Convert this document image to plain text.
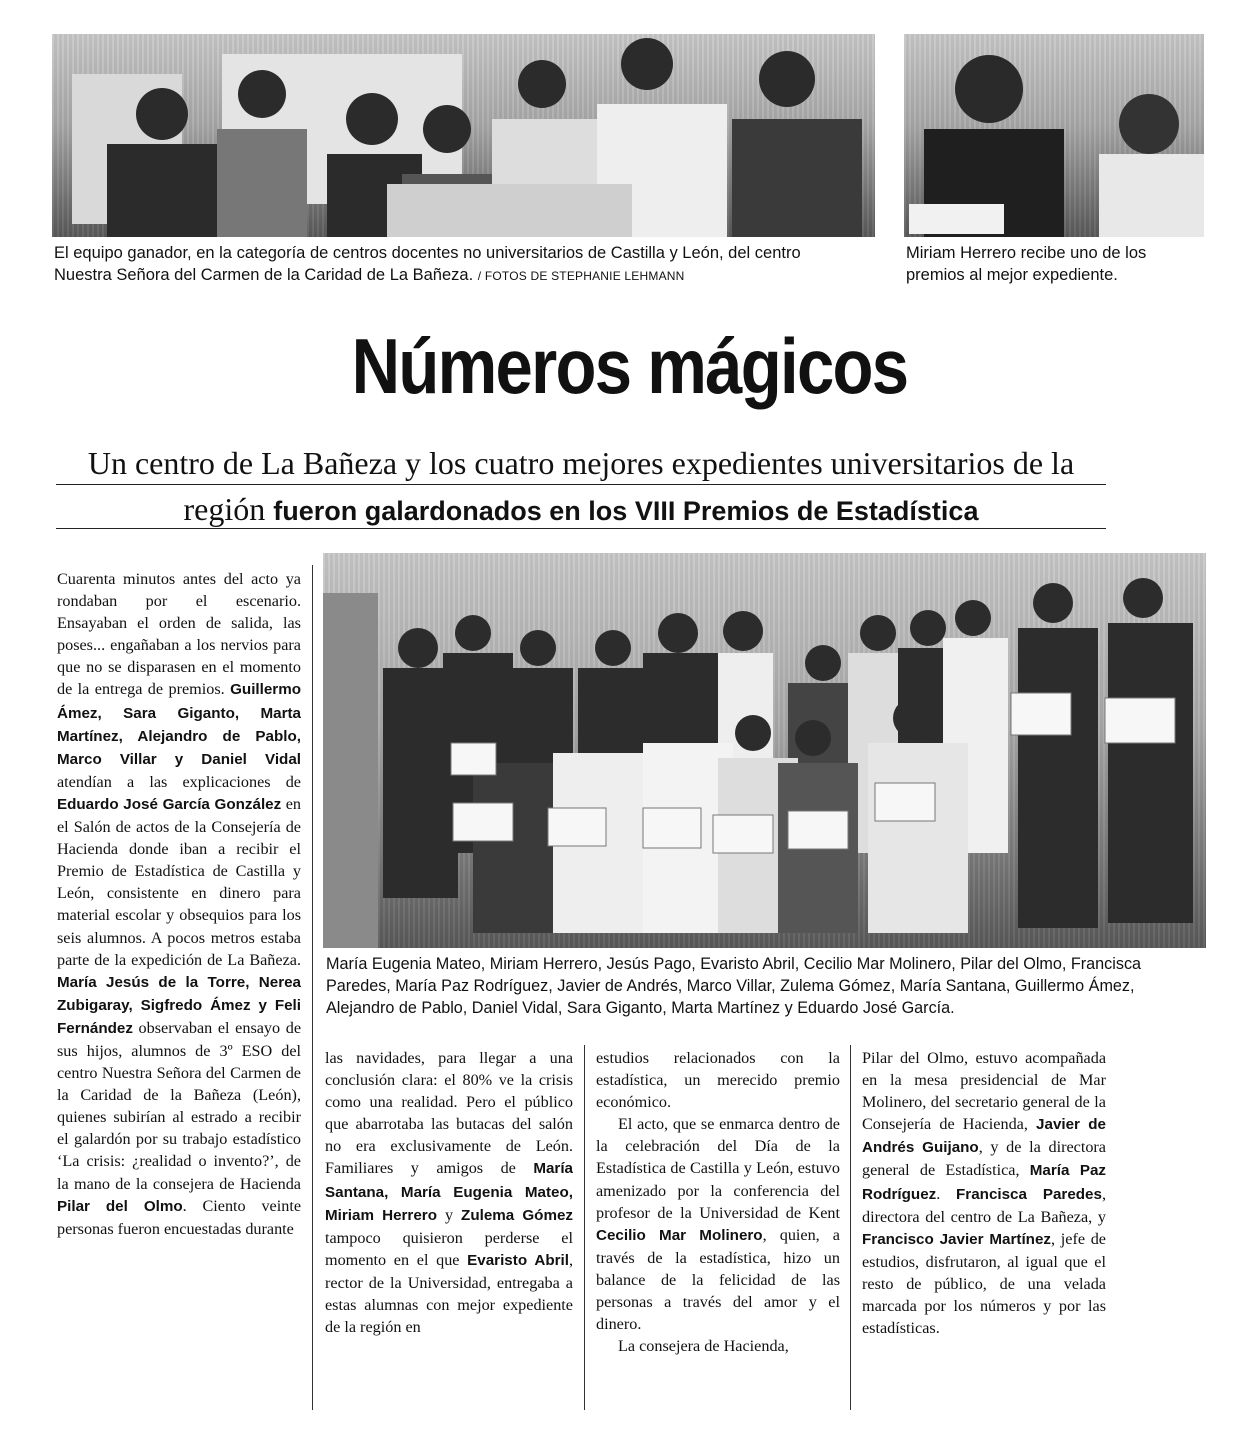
El equipo ganador, en la categoría de centros docentes no universitarios de Castilla y León, del centro Nuestra Señora del Carmen de la Caridad de La Bañeza. / FOTOS DE STEPHANIE LEHMANN

Miriam Herrero recibe uno de los premios al mejor expediente.

Números mágicos

Un centro de La Bañeza y los cuatro mejores expedientes universitarios de la región fueron galardonados en los VIII Premios de Estadística

María Eugenia Mateo, Miriam Herrero, Jesús Pago, Evaristo Abril, Cecilio Mar Molinero, Pilar del Olmo, Francisca Paredes, María Paz Rodríguez, Javier de Andrés, Marco Villar, Zulema Gómez, María Santana, Guillermo Ámez, Alejandro de Pablo, Daniel Vidal, Sara Giganto, Marta Martínez y Eduardo José García.

Cuarenta minutos antes del acto ya rondaban por el escenario. Ensayaban el orden de salida, las poses... engañaban a los nervios para que no se disparasen en el momento de la entrega de premios. Guillermo Ámez, Sara Giganto, Marta Martínez, Alejandro de Pablo, Marco Villar y Daniel Vidal atendían a las explicaciones de Eduardo José García González en el Salón de actos de la Consejería de Hacienda donde iban a recibir el Premio de Estadística de Castilla y León, consistente en dinero para material escolar y obsequios para los seis alumnos. A pocos metros estaba parte de la expedición de La Bañeza. María Jesús de la Torre, Nerea Zubigaray, Sigfredo Ámez y Feli Fernández observaban el ensayo de sus hijos, alumnos de 3º ESO del centro Nuestra Señora del Carmen de la Caridad de la Bañeza (León), quienes subirían al estrado a recibir el galardón por su trabajo estadístico ‘La crisis: ¿realidad o invento?’, de la mano de la consejera de Hacienda Pilar del Olmo. Ciento veinte personas fueron encuestadas durante
las navidades, para llegar a una conclusión clara: el 80% ve la crisis como una realidad. Pero el público que abarrotaba las butacas del salón no era exclusivamente de León. Familiares y amigos de María Santana, María Eugenia Mateo, Miriam Herrero y Zulema Gómez tampoco quisieron perderse el momento en el que Evaristo Abril, rector de la Universidad, entregaba a estas alumnas con mejor expediente de la región en

estudios relacionados con la estadística, un merecido premio económico.

El acto, que se enmarca dentro de la celebración del Día de la Estadística de Castilla y León, estuvo amenizado por la conferencia del profesor de la Universidad de Kent Cecilio Mar Molinero, quien, a través de la estadística, hizo un balance de la felicidad de las personas a través del amor y el dinero.

La consejera de Hacienda,

Pilar del Olmo, estuvo acompañada en la mesa presidencial de Mar Molinero, del secretario general de la Consejería de Hacienda, Javier de Andrés Guijano, y de la directora general de Estadística, María Paz Rodríguez. Francisca Paredes, directora del centro de La Bañeza, y Francisco Javier Martínez, jefe de estudios, disfrutaron, al igual que el resto de público, de una velada marcada por los números y por las estadísticas.
